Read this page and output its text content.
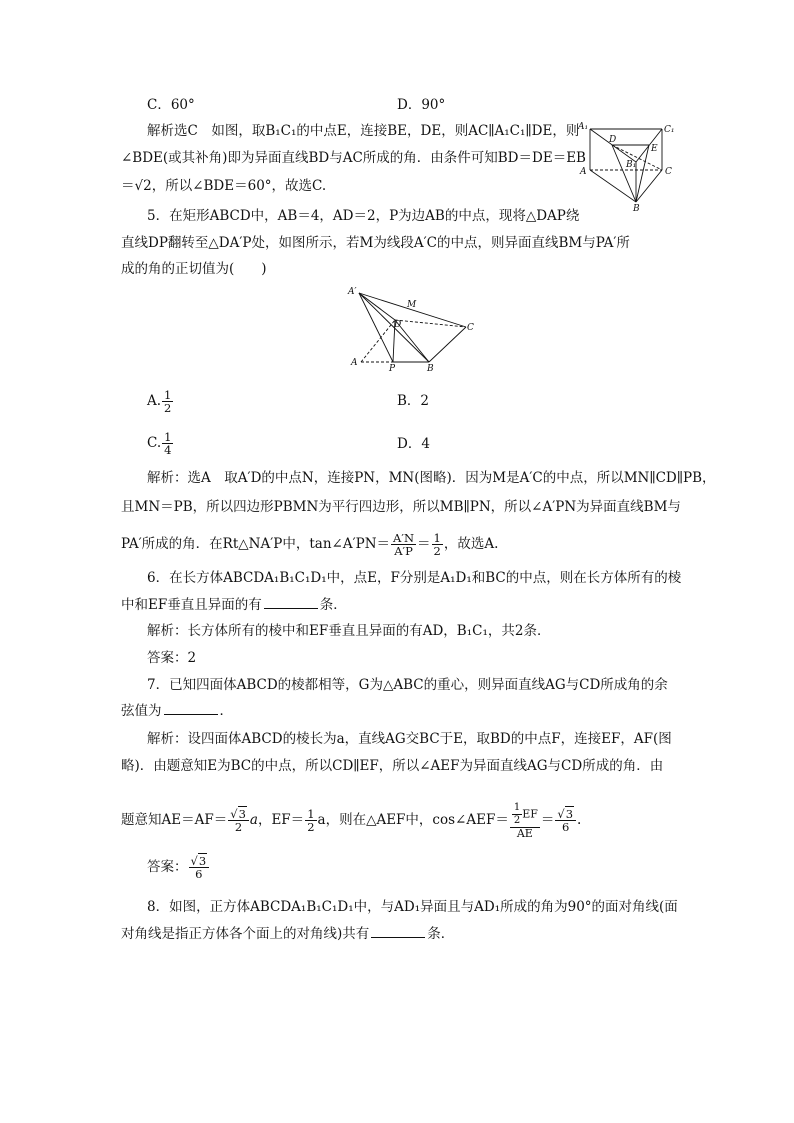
C．60°	D．90°
解析选C　如图，取B₁C₁的中点E，连接BE，DE，则AC∥A₁C₁∥DE，则
∠BDE(或其补角)即为异面直线BD与AC所成的角．由条件可知BD＝DE＝EB
＝√2，所以∠BDE＝60°，故选C.
A₁	C₁
D
B₁
E
A	C
B
5．在矩形ABCD中，AB＝4，AD＝2，P为边AB的中点，现将△DAP绕
直线DP翻转至△DA′P处，如图所示，若M为线段A′C的中点，则异面直线BM与PA′所
成的角的正切值为(　　)
A′
M
D	C
A
P	B
A. $\frac{1}{2}$	B．2
C. $\frac{1}{4}$	D．4
解析：选A　取A′D的中点N，连接PN，MN(图略)．因为M是A′C的中点，所以MN∥CD∥PB，
且MN＝PB，所以四边形PBMN为平行四边形，所以MB∥PN，所以∠A′PN为异面直线BM与
PA′所成的角．在Rt△NA′P中，tan∠A′PN＝ $\frac{A'N}{A'P} = \frac{1}{2}$ ，故选A.
6．在长方体ABCDA₁B₁C₁D₁中，点E，F分别是A₁D₁和BC的中点，则在长方体所有的棱
中和EF垂直且异面的有	条．
解析：长方体所有的棱中和EF垂直且异面的有AD，B₁C₁，共2条．
答案：2
7．已知四面体ABCD的棱都相等，G为△ABC的重心，则异面直线AG与CD所成角的余
弦值为	．
解析：设四面体ABCD的棱长为a，直线AG交BC于E，取BD的中点F，连接EF，AF(图
略)．由题意知E为BC的中点，所以CD∥EF，所以∠AEF为异面直线AG与CD所成的角．由
题意知$AE=AF= \frac{√3}{2}$ a，$EF= \frac{1}{2}$ a，则在△AEF中，cos∠AEF＝ $\frac{\frac{1}{2} EF}{AE} = \frac{√3}{6}$ .
答案： $\frac{√3}{6}$
8．如图，正方体ABCDA₁B₁C₁D₁中，与AD₁异面且与AD₁所成的角为90°的面对角线(面
对角线是指正方体各个面上的对角线)共有	条．
